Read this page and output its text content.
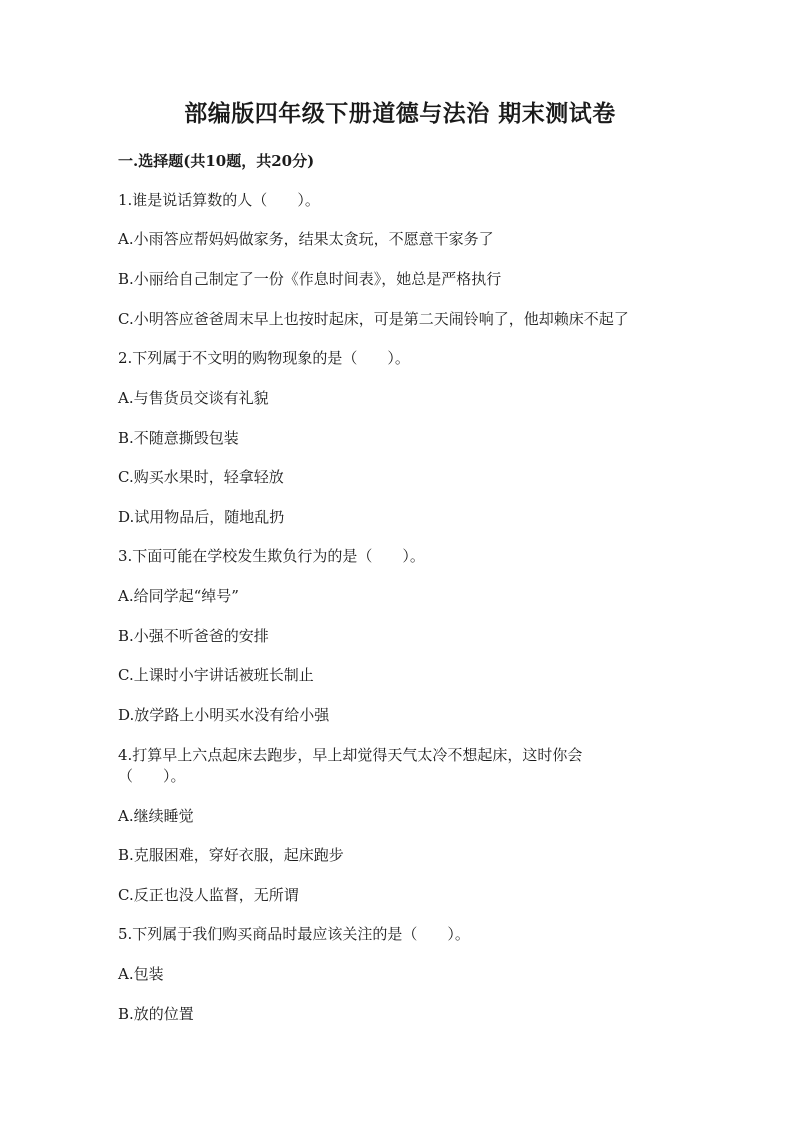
部编版四年级下册道德与法治 期末测试卷
一.选择题(共10题，共20分)
1.谁是说话算数的人（　　）。
A.小雨答应帮妈妈做家务，结果太贪玩，不愿意干家务了
B.小丽给自己制定了一份《作息时间表》，她总是严格执行
C.小明答应爸爸周末早上也按时起床，可是第二天闹铃响了，他却赖床不起了
2.下列属于不文明的购物现象的是（　　）。
A.与售货员交谈有礼貌
B.不随意撕毁包装
C.购买水果时，轻拿轻放
D.试用物品后，随地乱扔
3.下面可能在学校发生欺负行为的是（　　）。
A.给同学起“绰号”
B.小强不听爸爸的安排
C.上课时小宇讲话被班长制止
D.放学路上小明买水没有给小强
4.打算早上六点起床去跑步，早上却觉得天气太冷不想起床，这时你会
（　　）。
A.继续睡觉
B.克服困难，穿好衣服，起床跑步
C.反正也没人监督，无所谓
5.下列属于我们购买商品时最应该关注的是（　　）。
A.包装
B.放的位置
